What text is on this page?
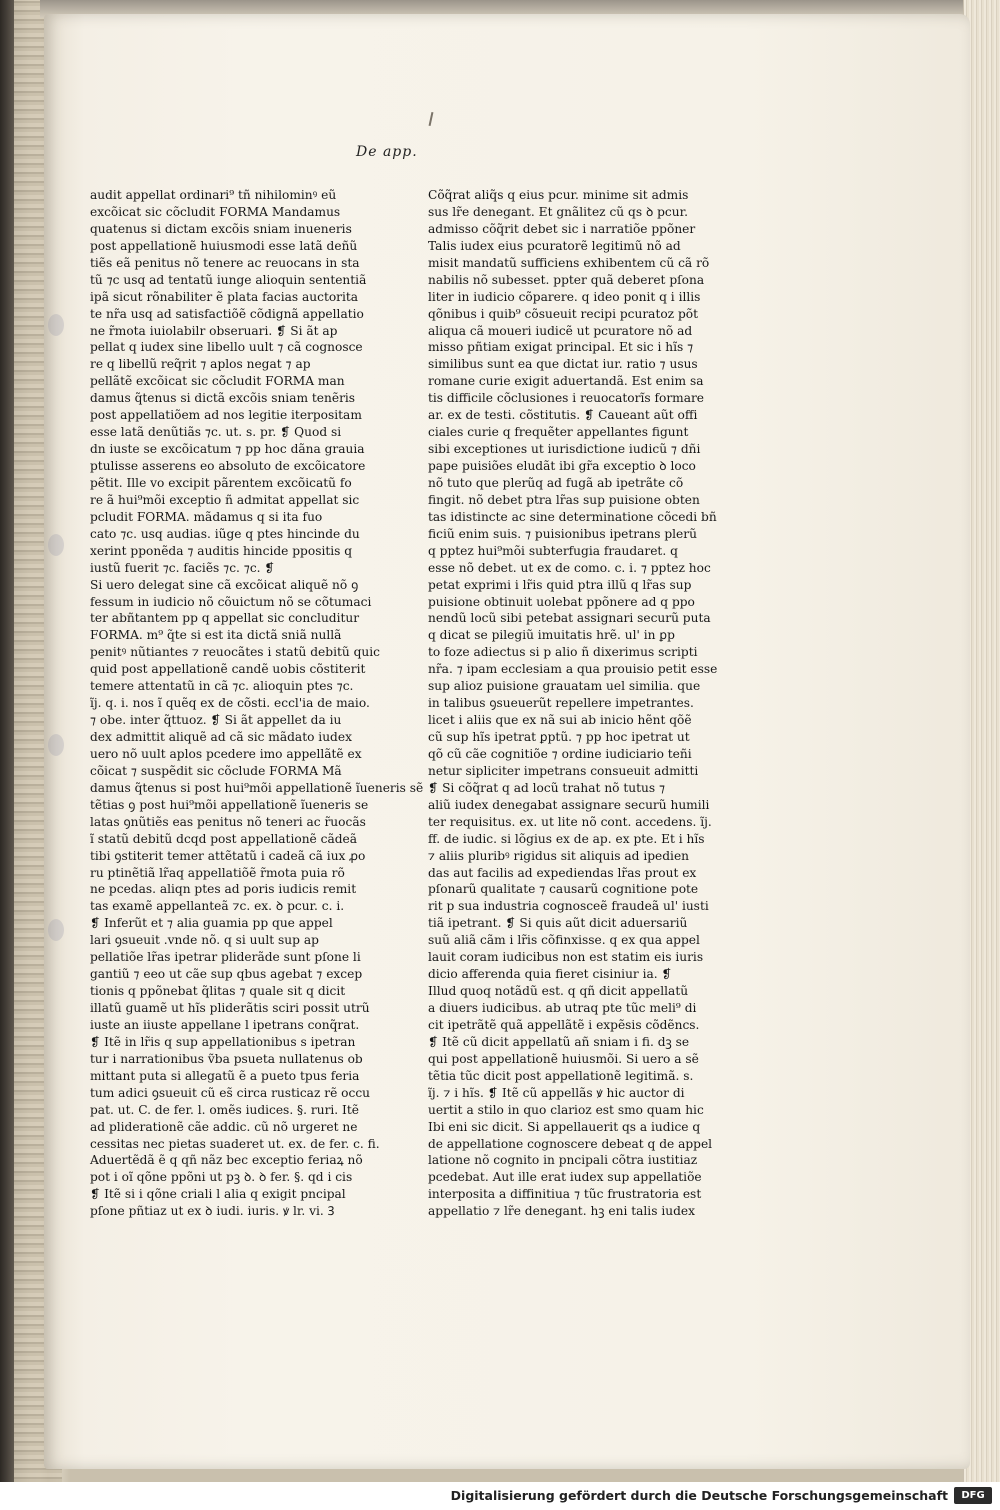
De app.
audit appellat ordinari⁹ tñ nihilominꝰ eũ
excõicat sic cõcludit FORMA Mandamus
quatenus si dictam excõis sniam inueneris
post appellationẽ huiusmodi esse latã deñũ
tiẽs eã penitus nõ tenere ac reuocans in sta
tũ ⁊c usq ad tentatũ iunge alioquin sententiã
ipã sicut rõnabiliter ẽ plata facias auctorita
te nr̃a usq ad satisfactiõẽ cõdignã appellatio
ne r̃mota iuiolabilr obseruari. ❡ Si ãt ap
pellat q iudex sine libello uult ⁊ cã cognosce
re q libellũ req̃rit ⁊ aplos negat ⁊ ap
pellãtẽ excõicat sic cõcludit FORMA man
damus q̃tenus si dictã excõis sniam tenẽris
post appellatiõem ad nos legitie iterpositam
esse latã denũtiãs ⁊c. ut. s. pr. ❡ Quod si
dn iuste se excõicatum ⁊ pp hoc dãna grauia
ptulisse asserens eo absoluto de excõicatore
pẽtit. Ille vo excipit pãrentem excõicatũ fo
re ã hui⁹mõi exceptio ñ admitat appellat sic
pcludit FORMA. mãdamus q si ita fuo
cato ⁊c. usq audias. iũge q ptes hincinde du
xerint pponẽda ⁊ auditis hincide ppositis q
iustũ fuerit ⁊c. faciẽs ⁊c. ⁊c. ❡
Si uero delegat sine cã excõicat aliquẽ nõ ꝯ
fessum in iudicio nõ cõuictum nõ se cõtumaci
ter abñtantem pp q appellat sic concluditur
FORMA. m⁹ q̃te si est ita dictã sniã nullã
penitꝰ nũtiantes ⁊ reuocãtes i statũ debitũ quic
quid post appellationẽ candẽ uobis cõstiterit
temere attentatũ in cã ⁊c. alioquin ptes ⁊c.
ĩj. q. i. nos ĩ quẽq ex de cõsti. eccl'ia de maio.
⁊ obe. inter q̃ttuoz. ❡ Si ãt appellet da iu
dex admittit aliquẽ ad cã sic mãdato iudex
uero nõ uult aplos pcedere imo appellãtẽ ex
cõicat ⁊ suspẽdit sic cõclude FORMA Mã
damus q̃tenus si post hui⁹mõi appellationẽ ĩueneris sẽ
tẽtias ꝯ post hui⁹mõi appellationẽ ĩueneris se
latas ꝯnũtiẽs eas penitus nõ teneri ac r̃uocãs
ĩ statũ debitũ dcqd post appellationẽ cãdeã
tibi ꝯstiterit temer attẽtatũ i cadeã cã iux ꝓo
ru ptinẽtiã lr̃aq appellatiõẽ r̃mota puia rõ
ne pcedas. aliqn ptes ad poris iudicis remit
tas examẽ appellanteã ⁊c. ex. ꝺ pcur. c. i.
❡ Inferũt et ⁊ alia guamia pp que appel
lari ꝯsueuit .vnde nõ. q si uult sup ap
pellatiõe lr̃as ipetrar pliderãde sunt pſone li
gantiũ ⁊ eeo ut cãe sup qbus agebat ⁊ excep
tionis q ppõnebat q̃litas ⁊ quale sit q dicit
illatũ guamẽ ut hĩs pliderãtis sciri possit utrũ
iuste an iiuste appellane l ipetrans conq̃rat.
❡ Itẽ in lr̃is q sup appellationibus s ipetran
tur i narrationibus ṽba psueta nullatenus ob
mittant puta si allegatũ ẽ a pueto tpus feria
tum adici ꝯsueuit cũ es̃ circa rusticaz rẽ occu
pat. ut. C. de fer. l. omẽs iudices. §. ruri. Itẽ
ad pliderationẽ cãe addic. cũ nõ urgeret ne
cessitas nec pietas suaderet ut. ex. de fer. c. fi.
Aduertẽdã ẽ q qñ nãz bec exceptio feriaꝝ nõ
pot i oĩ qõne ppõni ut pꝫ ꝺ. ꝺ fer. §. qd i cis
❡ Itẽ si i qõne criali l alia q exigit pncipal
pſone pñtiaz ut ex ꝺ iudi. iuris. ꝟ lr. vi. Ꝫ
Cõq̃rat aliq̃s q eius pcur. minime sit admis
sus lr̃e denegant. Et gnãlitez cũ qs ꝺ pcur.
admisso cõq̃rit debet sic i narratiõe ppõner
Talis iudex eius pcuratorẽ legitimũ nõ ad
misit mandatũ sufficiens exhibentem cũ cã rõ
nabilis nõ subesset. ppter quã deberet pſona
liter in iudicio cõparere. q ideo ponit q i illis
qõnibus i quib⁹ cõsueuit recipi pcuratoz põt
aliqua cã moueri iudicẽ ut pcuratore nõ ad
misso pñtiam exigat principal. Et sic i hĩs ⁊
similibus sunt ea que dictat iur. ratio ⁊ usus
romane curie exigit aduertandã. Est enim sa
tis difficile cõclusiones i reuocatorĩs formare
ar. ex de testi. cõstitutis. ❡ Caueant aũt offi
ciales curie q frequẽter appellantes figunt
sibi exceptiones ut iurisdictione iudicũ ⁊ dñi
pape puisiões eludãt ibi gr̃a exceptio ꝺ loco
nõ tuto que plerũq ad fugã ab ipetrãte cõ
fingit. nõ debet ptra lr̃as sup puisione obten
tas idistincte ac sine determinatione cõcedi bñ
ficiũ enim suis. ⁊ puisionibus ipetrans plerũ
q pptez hui⁹mõi subterfugia fraudaret. q
esse nõ debet. ut ex de como. c. i. ⁊ pptez hoc
petat exprimi i lr̃is quid ptra illũ q lr̃as sup
puisione obtinuit uolebat ppõnere ad q ppo
nendũ locũ sibi petebat assignari securũ puta
q dicat se pilegiũ imuitatis hrẽ. ul' in ꝑp
to foze adiectus si p alio ñ dixerimus scripti
nr̃a. ⁊ ipam ecclesiam a qua prouisio petit esse
sup alioz puisione grauatam uel similia. que
in talibus ꝯsueuerũt repellere impetrantes.
licet i aliis que ex nã sui ab inicio hẽnt qõẽ
cũ sup hĩs ipetrat ꝑptũ. ⁊ pp hoc ipetrat ut
qõ cũ cãe cognitiõe ⁊ ordine iudiciario teñi
netur sipliciter impetrans consueuit admitti
❡ Si cõq̃rat q ad locũ trahat nõ tutus ⁊
aliũ iudex denegabat assignare securũ humili
ter requisitus. ex. ut lite nõ cont. accedens. ĩj.
ff. de iudic. si lõgius ex de ap. ex pte. Et i hĩs
⁊ aliis pluribꝰ rigidus sit aliquis ad ipedien
das aut facilis ad expediendas lr̃as prout ex
pſonarũ qualitate ⁊ causarũ cognitione pote
rit p sua industria cognosceẽ fraudeã ul' iusti
tiã ipetrant. ❡ Si quis aũt dicit aduersariũ
suũ aliã cãm i lr̃is cõfinxisse. q ex qua appel
lauit coram iudicibus non est statim eis iuris
dicio afferenda quia fieret cisiniur ia. ❡
Illud quoq notãdũ est. q qñ dicit appellatũ
a diuers iudicibus. ab utraq pte tũc meli⁹ di
cit ipetrãtẽ quã appellãtẽ i expẽsis cõdẽncs.
❡ Itẽ cũ dicit appellatũ añ sniam i fi. dꝫ se
qui post appellationẽ huiusmõi. Si uero a sẽ
tẽtia tũc dicit post appellationẽ legitimã. s.
ĩj. ⁊ i hĩs. ❡ Itẽ cũ appellãs ꝟ hic auctor di
uertit a stilo in quo clarioz est smo quam hic
Ibi eni sic dicit. Si appellauerit qs a iudice q
de appellatione cognoscere debeat q de appel
latione nõ cognito in pncipali cõtra iustitiaz
pcedebat. Aut ille erat iudex sup appellatiõe
interposita a diffinitiua ⁊ tũc frustratoria est
appellatio ⁊ lr̃e denegant. hꝫ eni talis iudex
Digitalisierung gefördert durch die Deutsche Forschungsgemeinschaft	DFG
